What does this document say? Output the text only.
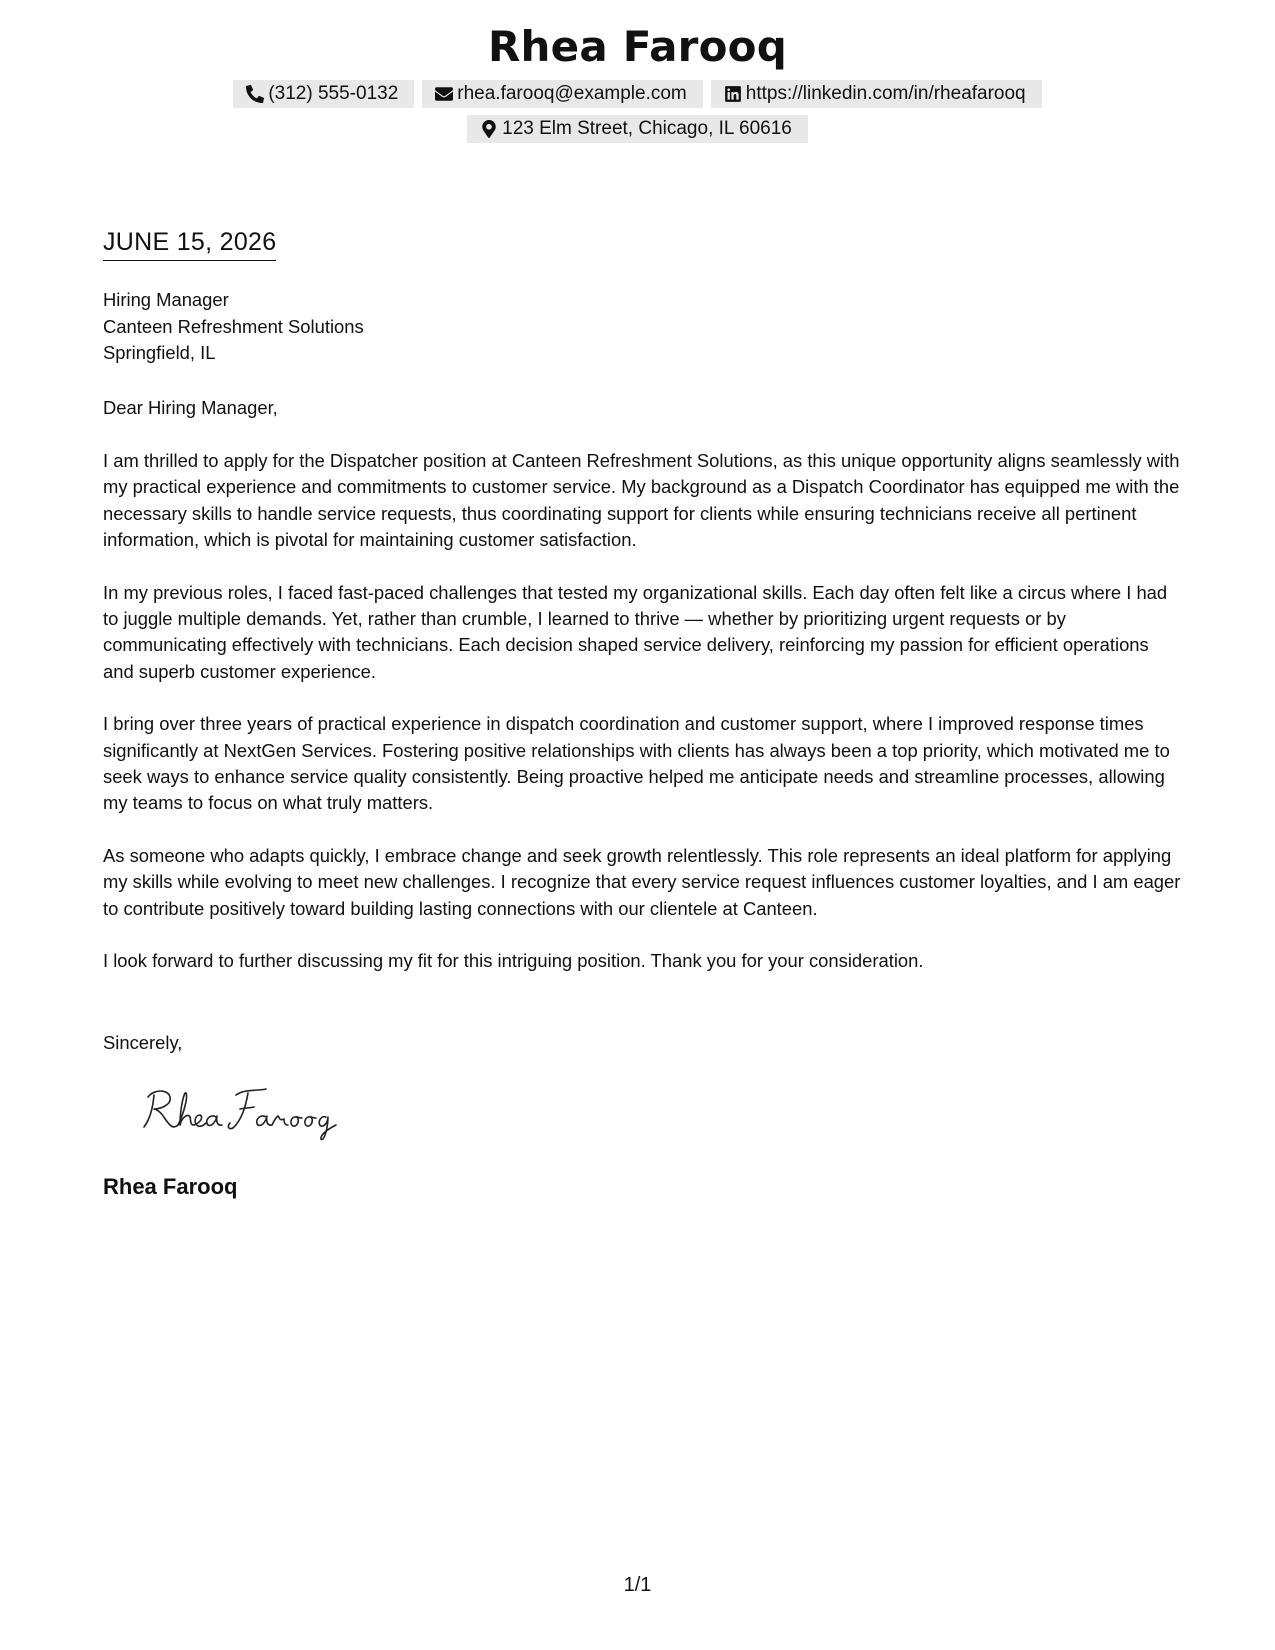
Rhea Farooq
(312) 555-0132	rhea.farooq@example.com	https://linkedin.com/in/rheafarooq
123 Elm Street, Chicago, IL 60616
JUNE 15, 2026
Hiring Manager
Canteen Refreshment Solutions
Springfield, IL
Dear Hiring Manager,

I am thrilled to apply for the Dispatcher position at Canteen Refreshment Solutions, as this unique opportunity aligns seamlessly with my practical experience and commitments to customer service. My background as a Dispatch Coordinator has equipped me with the necessary skills to handle service requests, thus coordinating support for clients while ensuring technicians receive all pertinent information, which is pivotal for maintaining customer satisfaction.

In my previous roles, I faced fast-paced challenges that tested my organizational skills. Each day often felt like a circus where I had to juggle multiple demands. Yet, rather than crumble, I learned to thrive — whether by prioritizing urgent requests or by communicating effectively with technicians. Each decision shaped service delivery, reinforcing my passion for efficient operations and superb customer experience.

I bring over three years of practical experience in dispatch coordination and customer support, where I improved response times significantly at NextGen Services. Fostering positive relationships with clients has always been a top priority, which motivated me to seek ways to enhance service quality consistently. Being proactive helped me anticipate needs and streamline processes, allowing my teams to focus on what truly matters.

As someone who adapts quickly, I embrace change and seek growth relentlessly. This role represents an ideal platform for applying my skills while evolving to meet new challenges. I recognize that every service request influences customer loyalties, and I am eager to contribute positively toward building lasting connections with our clientele at Canteen.

I look forward to further discussing my fit for this intriguing position. Thank you for your consideration.

Sincerely,
Rhea Farooq
1/1
